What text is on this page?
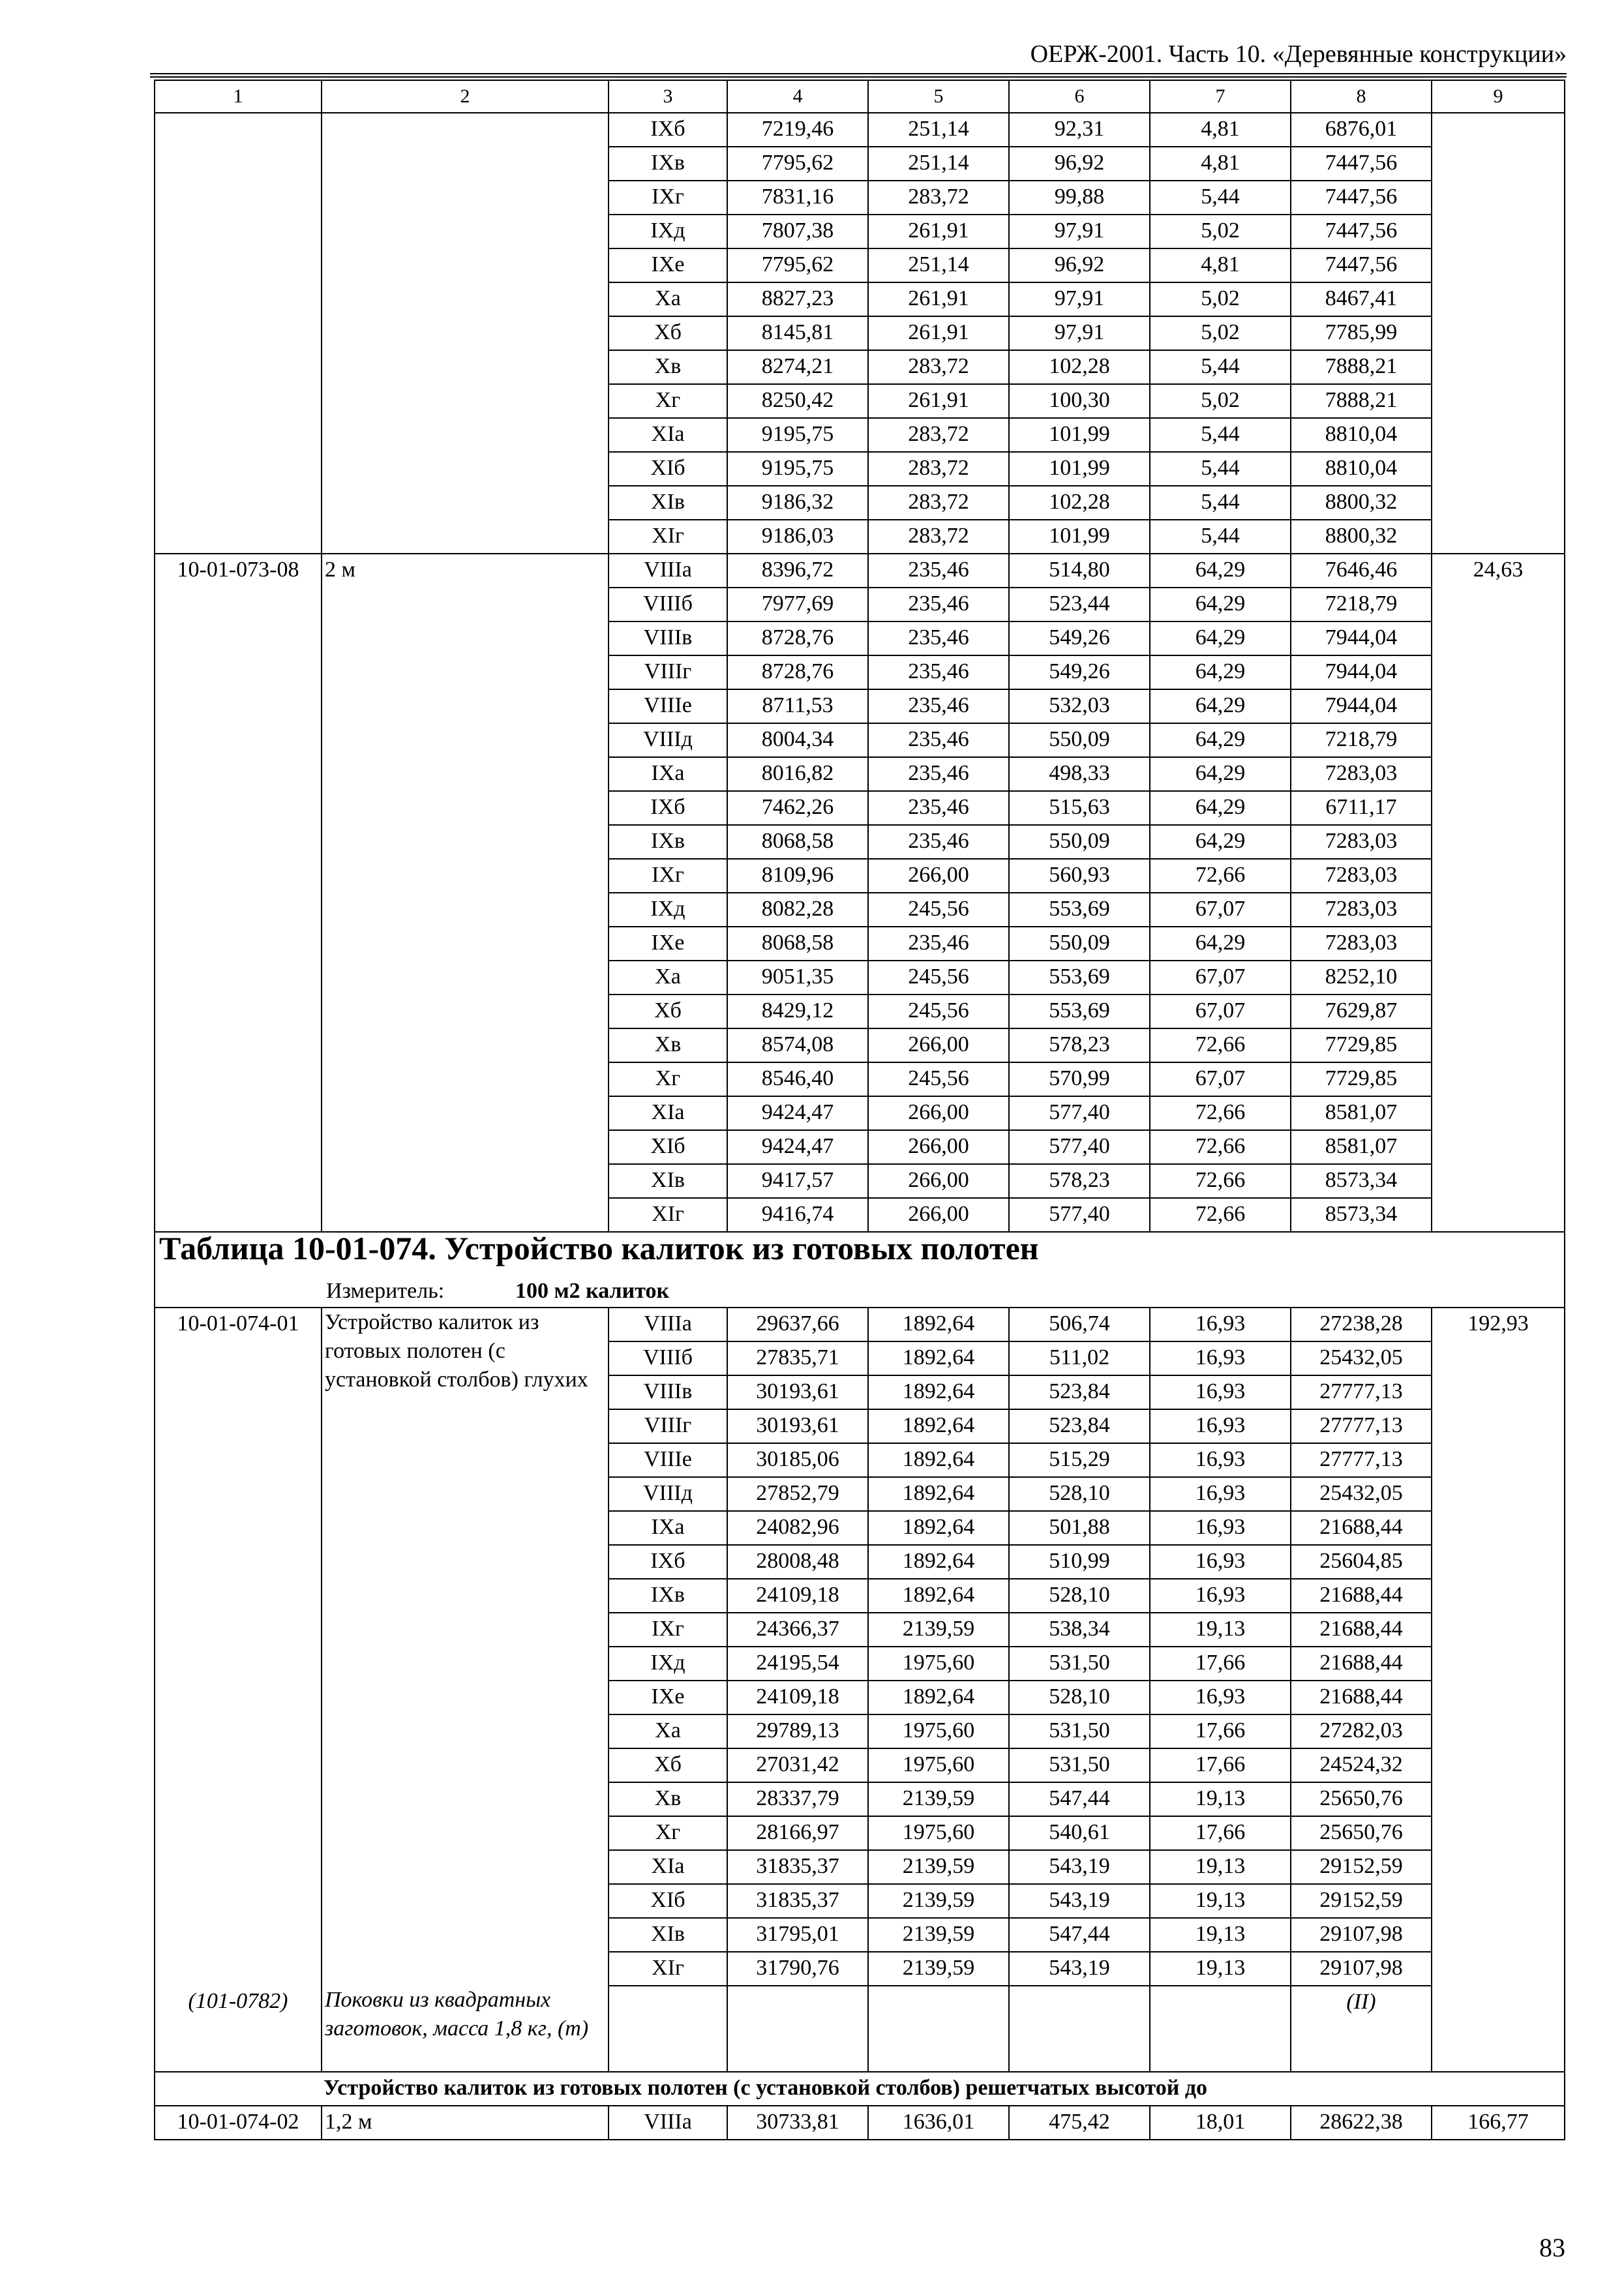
ОЕРЖ-2001. Часть 10. «Деревянные конструкции»
1	2	3	4	5	6	7	8	9
		IXб	7219,46	251,14	92,31	4,81	6876,01	
		IXв	7795,62	251,14	96,92	4,81	7447,56	
		IXг	7831,16	283,72	99,88	5,44	7447,56	
		IXд	7807,38	261,91	97,91	5,02	7447,56	
		IXе	7795,62	251,14	96,92	4,81	7447,56	
		Xа	8827,23	261,91	97,91	5,02	8467,41	
		Xб	8145,81	261,91	97,91	5,02	7785,99	
		Xв	8274,21	283,72	102,28	5,44	7888,21	
		Xг	8250,42	261,91	100,30	5,02	7888,21	
		XIа	9195,75	283,72	101,99	5,44	8810,04	
		XIб	9195,75	283,72	101,99	5,44	8810,04	
		XIв	9186,32	283,72	102,28	5,44	8800,32	
		XIг	9186,03	283,72	101,99	5,44	8800,32	
10-01-073-08	2 м	VIIIа	8396,72	235,46	514,80	64,29	7646,46	24,63
		VIIIб	7977,69	235,46	523,44	64,29	7218,79	
		VIIIв	8728,76	235,46	549,26	64,29	7944,04	
		VIIIг	8728,76	235,46	549,26	64,29	7944,04	
		VIIIе	8711,53	235,46	532,03	64,29	7944,04	
		VIIIд	8004,34	235,46	550,09	64,29	7218,79	
		IXа	8016,82	235,46	498,33	64,29	7283,03	
		IXб	7462,26	235,46	515,63	64,29	6711,17	
		IXв	8068,58	235,46	550,09	64,29	7283,03	
		IXг	8109,96	266,00	560,93	72,66	7283,03	
		IXд	8082,28	245,56	553,69	67,07	7283,03	
		IXе	8068,58	235,46	550,09	64,29	7283,03	
		Xа	9051,35	245,56	553,69	67,07	8252,10	
		Xб	8429,12	245,56	553,69	67,07	7629,87	
		Xв	8574,08	266,00	578,23	72,66	7729,85	
		Xг	8546,40	245,56	570,99	67,07	7729,85	
		XIа	9424,47	266,00	577,40	72,66	8581,07	
		XIб	9424,47	266,00	577,40	72,66	8581,07	
		XIв	9417,57	266,00	578,23	72,66	8573,34	
		XIг	9416,74	266,00	577,40	72,66	8573,34	
Таблица 10-01-074. Устройство калиток из готовых полотен								
Измеритель: 100 м2 калиток								
10-01-074-01	Устройство калиток из готовых полотен (с установкой столбов) глухих	VIIIа	29637,66	1892,64	506,74	16,93	27238,28	192,93
		VIIIб	27835,71	1892,64	511,02	16,93	25432,05	
		VIIIв	30193,61	1892,64	523,84	16,93	27777,13	
		VIIIг	30193,61	1892,64	523,84	16,93	27777,13	
		VIIIе	30185,06	1892,64	515,29	16,93	27777,13	
		VIIIд	27852,79	1892,64	528,10	16,93	25432,05	
		IXа	24082,96	1892,64	501,88	16,93	21688,44	
		IXб	28008,48	1892,64	510,99	16,93	25604,85	
		IXв	24109,18	1892,64	528,10	16,93	21688,44	
		IXг	24366,37	2139,59	538,34	19,13	21688,44	
		IXд	24195,54	1975,60	531,50	17,66	21688,44	
		IXе	24109,18	1892,64	528,10	16,93	21688,44	
		Xа	29789,13	1975,60	531,50	17,66	27282,03	
		Xб	27031,42	1975,60	531,50	17,66	24524,32	
		Xв	28337,79	2139,59	547,44	19,13	25650,76	
		Xг	28166,97	1975,60	540,61	17,66	25650,76	
		XIа	31835,37	2139,59	543,19	19,13	29152,59	
		XIб	31835,37	2139,59	543,19	19,13	29152,59	
		XIв	31795,01	2139,59	547,44	19,13	29107,98	
		XIг	31790,76	2139,59	543,19	19,13	29107,98	
(101-0782)	Поковки из квадратных заготовок, масса 1,8 кг, (т)						(II)	
Устройство калиток из готовых полотен (с установкой столбов) решетчатых высотой до								
10-01-074-02	1,2 м	VIIIа	30733,81	1636,01	475,42	18,01	28622,38	166,77
83
